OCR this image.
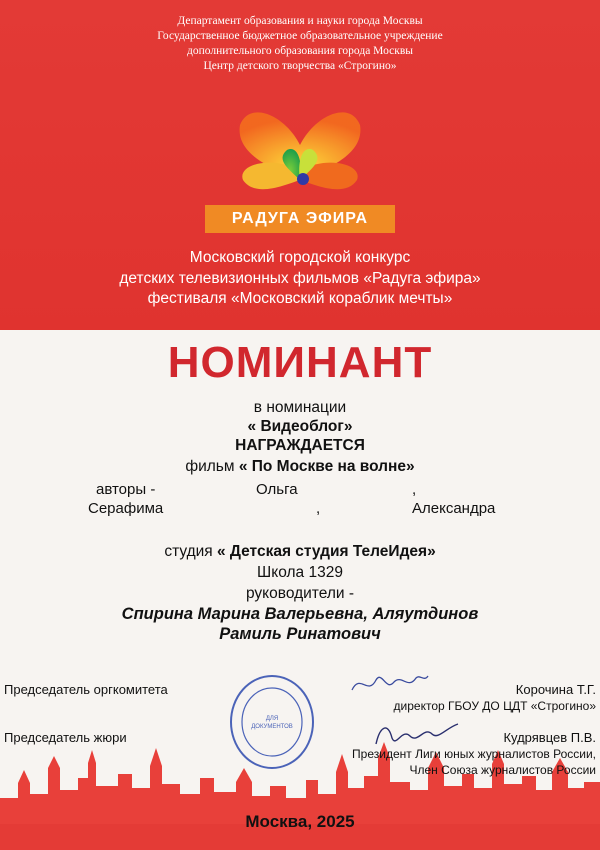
Департамент образования и науки города Москвы
Государственное бюджетное образовательное учреждение
дополнительного образования города Москвы
Центр детского творчества «Строгино»
РАДУГА ЭФИРА
Московский городской конкурс
детских телевизионных фильмов «Радуга эфира»
фестиваля «Московский кораблик мечты»
НОМИНАНТ
в номинации
« Видеоблог»
НАГРАЖДАЕТСЯ
фильм « По Москве на волне»
авторы -	Ольга	,
Серафима	,	Александра
студия « Детская студия ТелеИдея»
Школа 1329
руководители -
Спирина Марина Валерьевна, Аляутдинов
Рамиль Ринатович
ДЛЯ
ДОКУМЕНТОВ
Председатель оргкомитета	Корочина Т.Г.
директор ГБОУ ДО ЦДТ «Строгино»
Председатель жюри	Кудрявцев П.В.
Президент Лиги юных журналистов России,
Член Союза журналистов России
Москва, 2025
